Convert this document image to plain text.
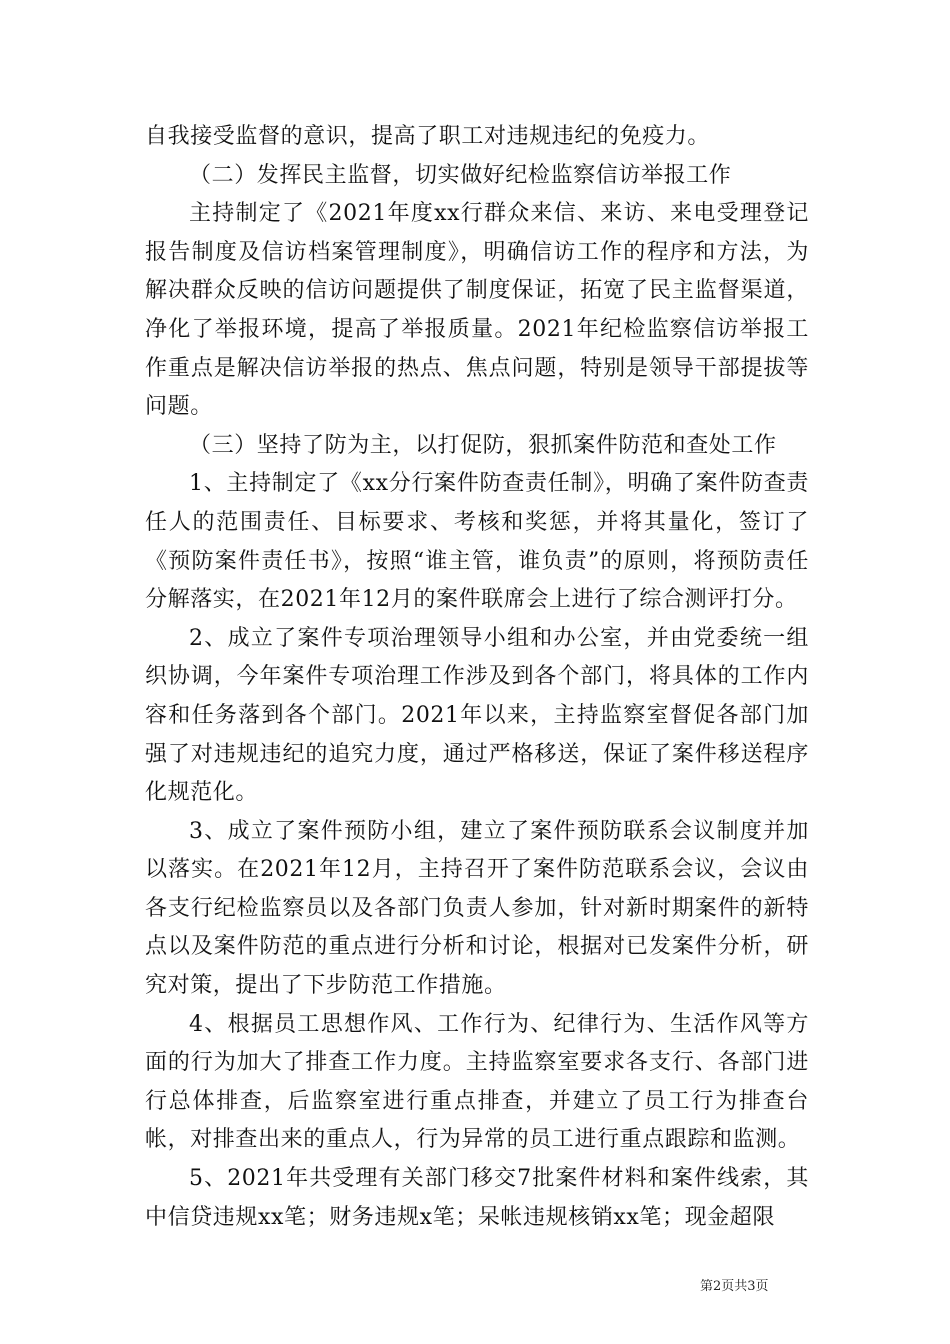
自我接受监督的意识，提高了职工对违规违纪的免疫力。

（二）发挥民主监督，切实做好纪检监察信访举报工作

主持制定了《2021年度xx行群众来信、来访、来电受理登记报告制度及信访档案管理制度》，明确信访工作的程序和方法，为解决群众反映的信访问题提供了制度保证，拓宽了民主监督渠道，净化了举报环境，提高了举报质量。2021年纪检监察信访举报工作重点是解决信访举报的热点、焦点问题，特别是领导干部提拔等问题。

（三）坚持了防为主，以打促防，狠抓案件防范和查处工作

1、主持制定了《xx分行案件防查责任制》，明确了案件防查责任人的范围责任、目标要求、考核和奖惩，并将其量化，签订了《预防案件责任书》，按照“谁主管，谁负责”的原则，将预防责任分解落实，在2021年12月的案件联席会上进行了综合测评打分。

2、成立了案件专项治理领导小组和办公室，并由党委统一组织协调，今年案件专项治理工作涉及到各个部门，将具体的工作内容和任务落到各个部门。2021年以来，主持监察室督促各部门加强了对违规违纪的追究力度，通过严格移送，保证了案件移送程序化规范化。

3、成立了案件预防小组，建立了案件预防联系会议制度并加以落实。在2021年12月，主持召开了案件防范联系会议，会议由各支行纪检监察员以及各部门负责人参加，针对新时期案件的新特点以及案件防范的重点进行分析和讨论，根据对已发案件分析，研究对策，提出了下步防范工作措施。

4、根据员工思想作风、工作行为、纪律行为、生活作风等方面的行为加大了排查工作力度。主持监察室要求各支行、各部门进行总体排查，后监察室进行重点排查，并建立了员工行为排查台帐，对排查出来的重点人，行为异常的员工进行重点跟踪和监测。

5、2021年共受理有关部门移交7批案件材料和案件线索，其中信贷违规xx笔；财务违规x笔；呆帐违规核销xx笔；现金超限

第2页共3页
